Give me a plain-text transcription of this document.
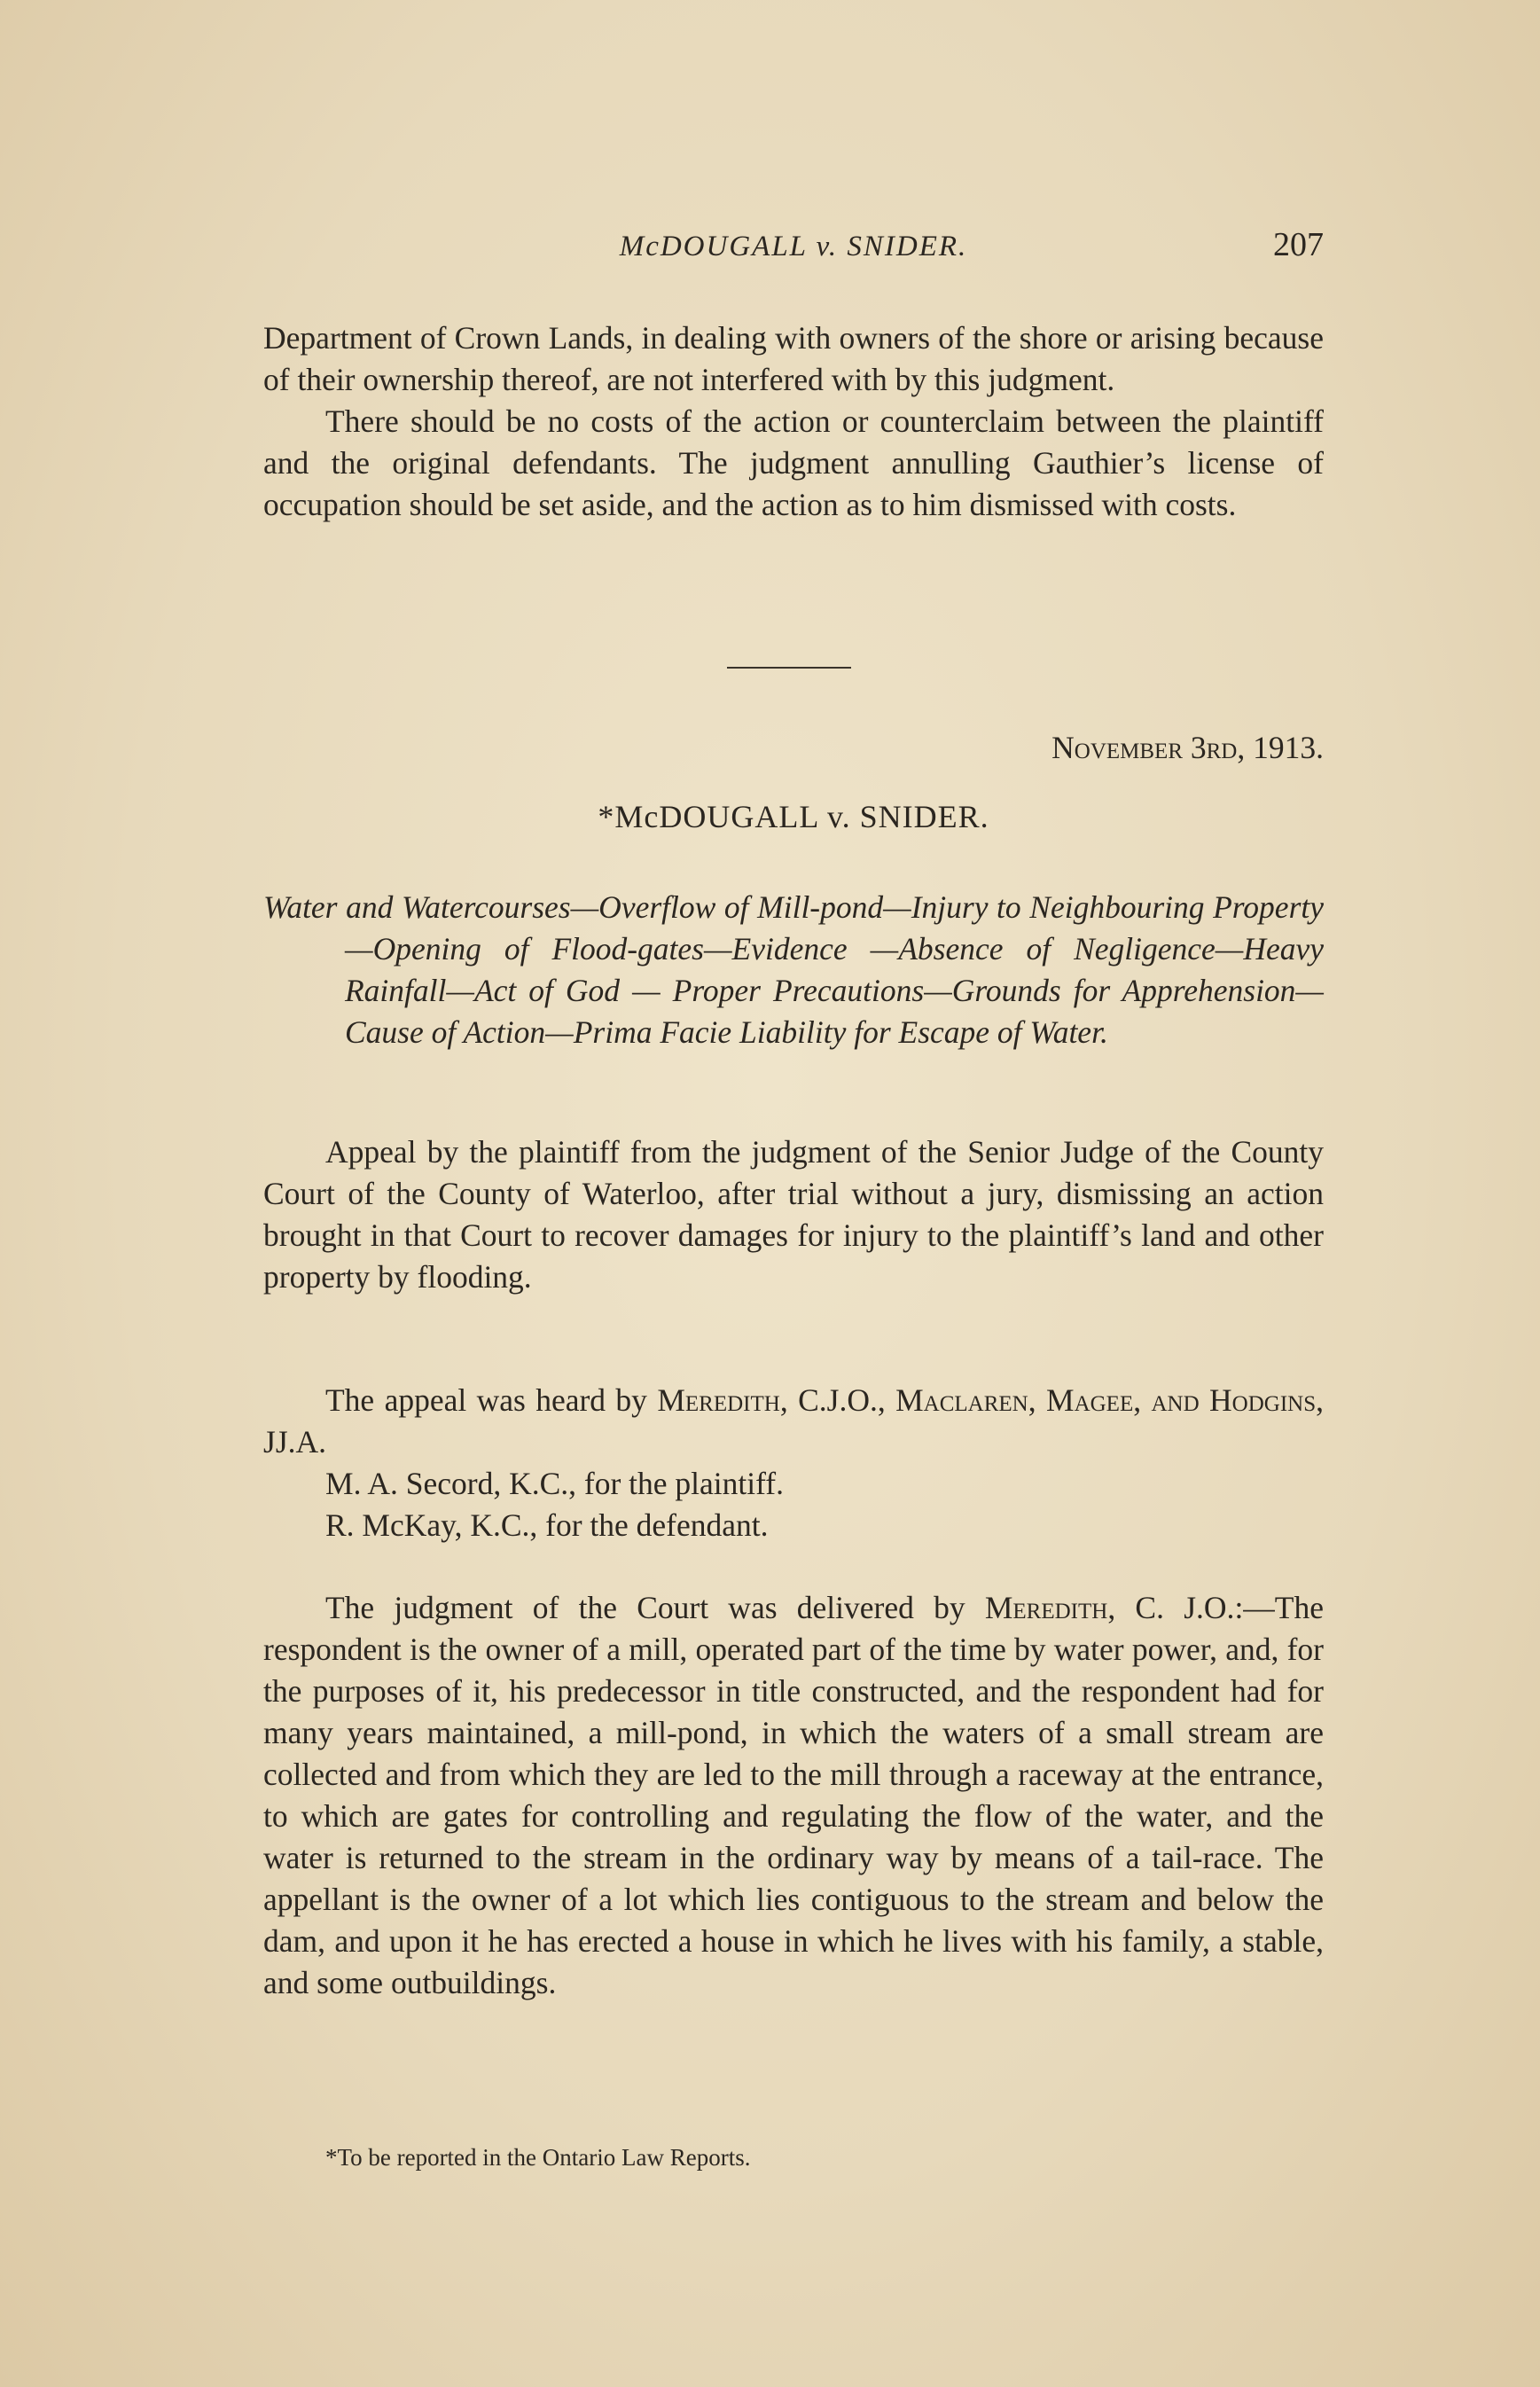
McDOUGALL v. SNIDER.	207

Department of Crown Lands, in dealing with owners of the shore or arising because of their ownership thereof, are not interfered with by this judgment.

There should be no costs of the action or counterclaim between the plaintiff and the original defendants. The judgment annulling Gauthier’s license of occupation should be set aside, and the action as to him dismissed with costs.

November 3rd, 1913.
*McDOUGALL v. SNIDER.
Water and Watercourses—Overflow of Mill-pond—Injury to Neighbouring Property—Opening of Flood-gates—Evidence —Absence of Negligence—Heavy Rainfall—Act of God — Proper Precautions—Grounds for Apprehension—Cause of Action—Prima Facie Liability for Escape of Water.

Appeal by the plaintiff from the judgment of the Senior Judge of the County Court of the County of Waterloo, after trial without a jury, dismissing an action brought in that Court to recover damages for injury to the plaintiff’s land and other property by flooding.

The appeal was heard by Meredith, C.J.O., Maclaren, Magee, and Hodgins, JJ.A.

M. A. Secord, K.C., for the plaintiff.

R. McKay, K.C., for the defendant.

The judgment of the Court was delivered by Meredith, C. J.O.:—The respondent is the owner of a mill, operated part of the time by water power, and, for the purposes of it, his predecessor in title constructed, and the respondent had for many years maintained, a mill-pond, in which the waters of a small stream are collected and from which they are led to the mill through a raceway at the entrance, to which are gates for controlling and regulating the flow of the water, and the water is returned to the stream in the ordinary way by means of a tail-race. The appellant is the owner of a lot which lies contiguous to the stream and below the dam, and upon it he has erected a house in which he lives with his family, a stable, and some outbuildings.

*To be reported in the Ontario Law Reports.
